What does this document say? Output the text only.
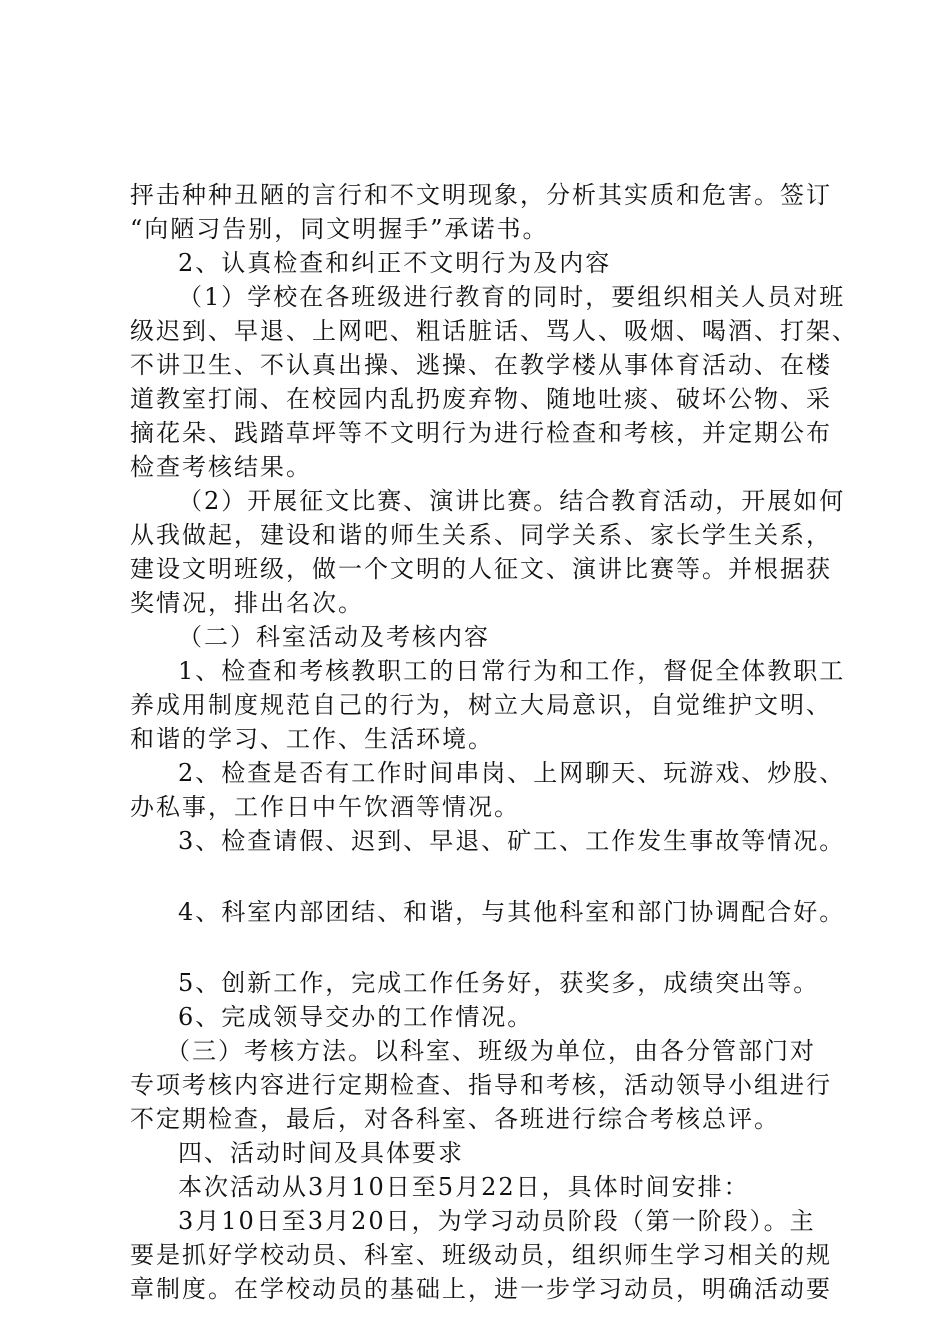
抨击种种丑陋的言行和不文明现象，分析其实质和危害。签订
“向陋习告别，同文明握手”承诺书。
2、认真检查和纠正不文明行为及内容
（1）学校在各班级进行教育的同时，要组织相关人员对班
级迟到、早退、上网吧、粗话脏话、骂人、吸烟、喝酒、打架、
不讲卫生、不认真出操、逃操、在教学楼从事体育活动、在楼
道教室打闹、在校园内乱扔废弃物、随地吐痰、破坏公物、采
摘花朵、践踏草坪等不文明行为进行检查和考核，并定期公布
检查考核结果。
（2）开展征文比赛、演讲比赛。结合教育活动，开展如何
从我做起，建设和谐的师生关系、同学关系、家长学生关系，
建设文明班级，做一个文明的人征文、演讲比赛等。并根据获
奖情况，排出名次。
（二）科室活动及考核内容
1、检查和考核教职工的日常行为和工作，督促全体教职工
养成用制度规范自己的行为，树立大局意识，自觉维护文明、
和谐的学习、工作、生活环境。
2、检查是否有工作时间串岗、上网聊天、玩游戏、炒股、
办私事，工作日中午饮酒等情况。
3、检查请假、迟到、早退、矿工、工作发生事故等情况。
4、科室内部团结、和谐，与其他科室和部门协调配合好。
5、创新工作，完成工作任务好，获奖多，成绩突出等。
6、完成领导交办的工作情况。
（三）考核方法。以科室、班级为单位，由各分管部门对
专项考核内容进行定期检查、指导和考核，活动领导小组进行
不定期检查，最后，对各科室、各班进行综合考核总评。
四、活动时间及具体要求
本次活动从3月10日至5月22日，具体时间安排：
3月10日至3月20日，为学习动员阶段（第一阶段）。主
要是抓好学校动员、科室、班级动员，组织师生学习相关的规
章制度。在学校动员的基础上，进一步学习动员，明确活动要
